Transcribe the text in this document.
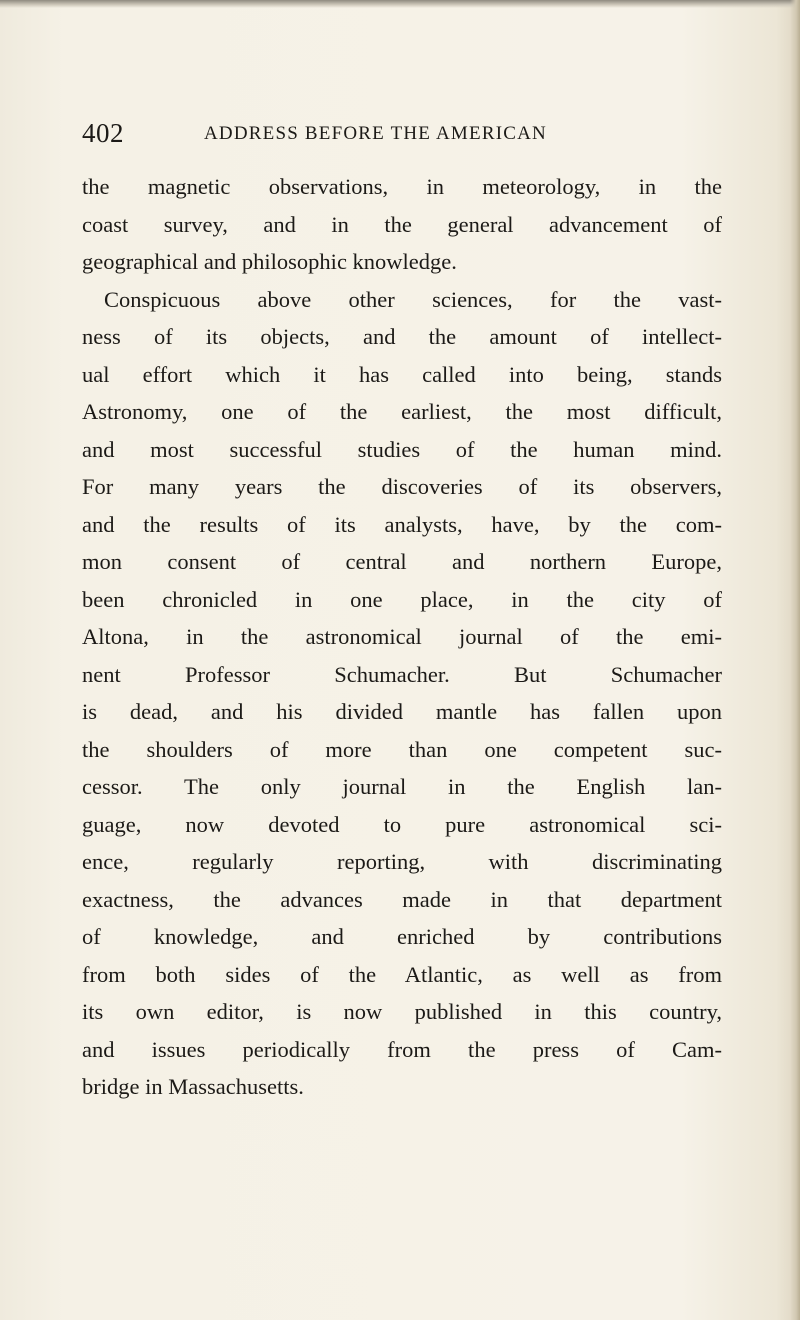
402	ADDRESS BEFORE THE AMERICAN
the magnetic observations, in meteorology, in the
coast survey, and in the general advancement of
geographical and philosophic knowledge.
Conspicuous above other sciences, for the vast-
ness of its objects, and the amount of intellect-
ual effort which it has called into being, stands
Astronomy, one of the earliest, the most difficult,
and most successful studies of the human mind.
For many years the discoveries of its observers,
and the results of its analysts, have, by the com-
mon consent of central and northern Europe,
been chronicled in one place, in the city of
Altona, in the astronomical journal of the emi-
nent Professor Schumacher. But Schumacher
is dead, and his divided mantle has fallen upon
the shoulders of more than one competent suc-
cessor. The only journal in the English lan-
guage, now devoted to pure astronomical sci-
ence, regularly reporting, with discriminating
exactness, the advances made in that department
of knowledge, and enriched by contributions
from both sides of the Atlantic, as well as from
its own editor, is now published in this country,
and issues periodically from the press of Cam-
bridge in Massachusetts.
